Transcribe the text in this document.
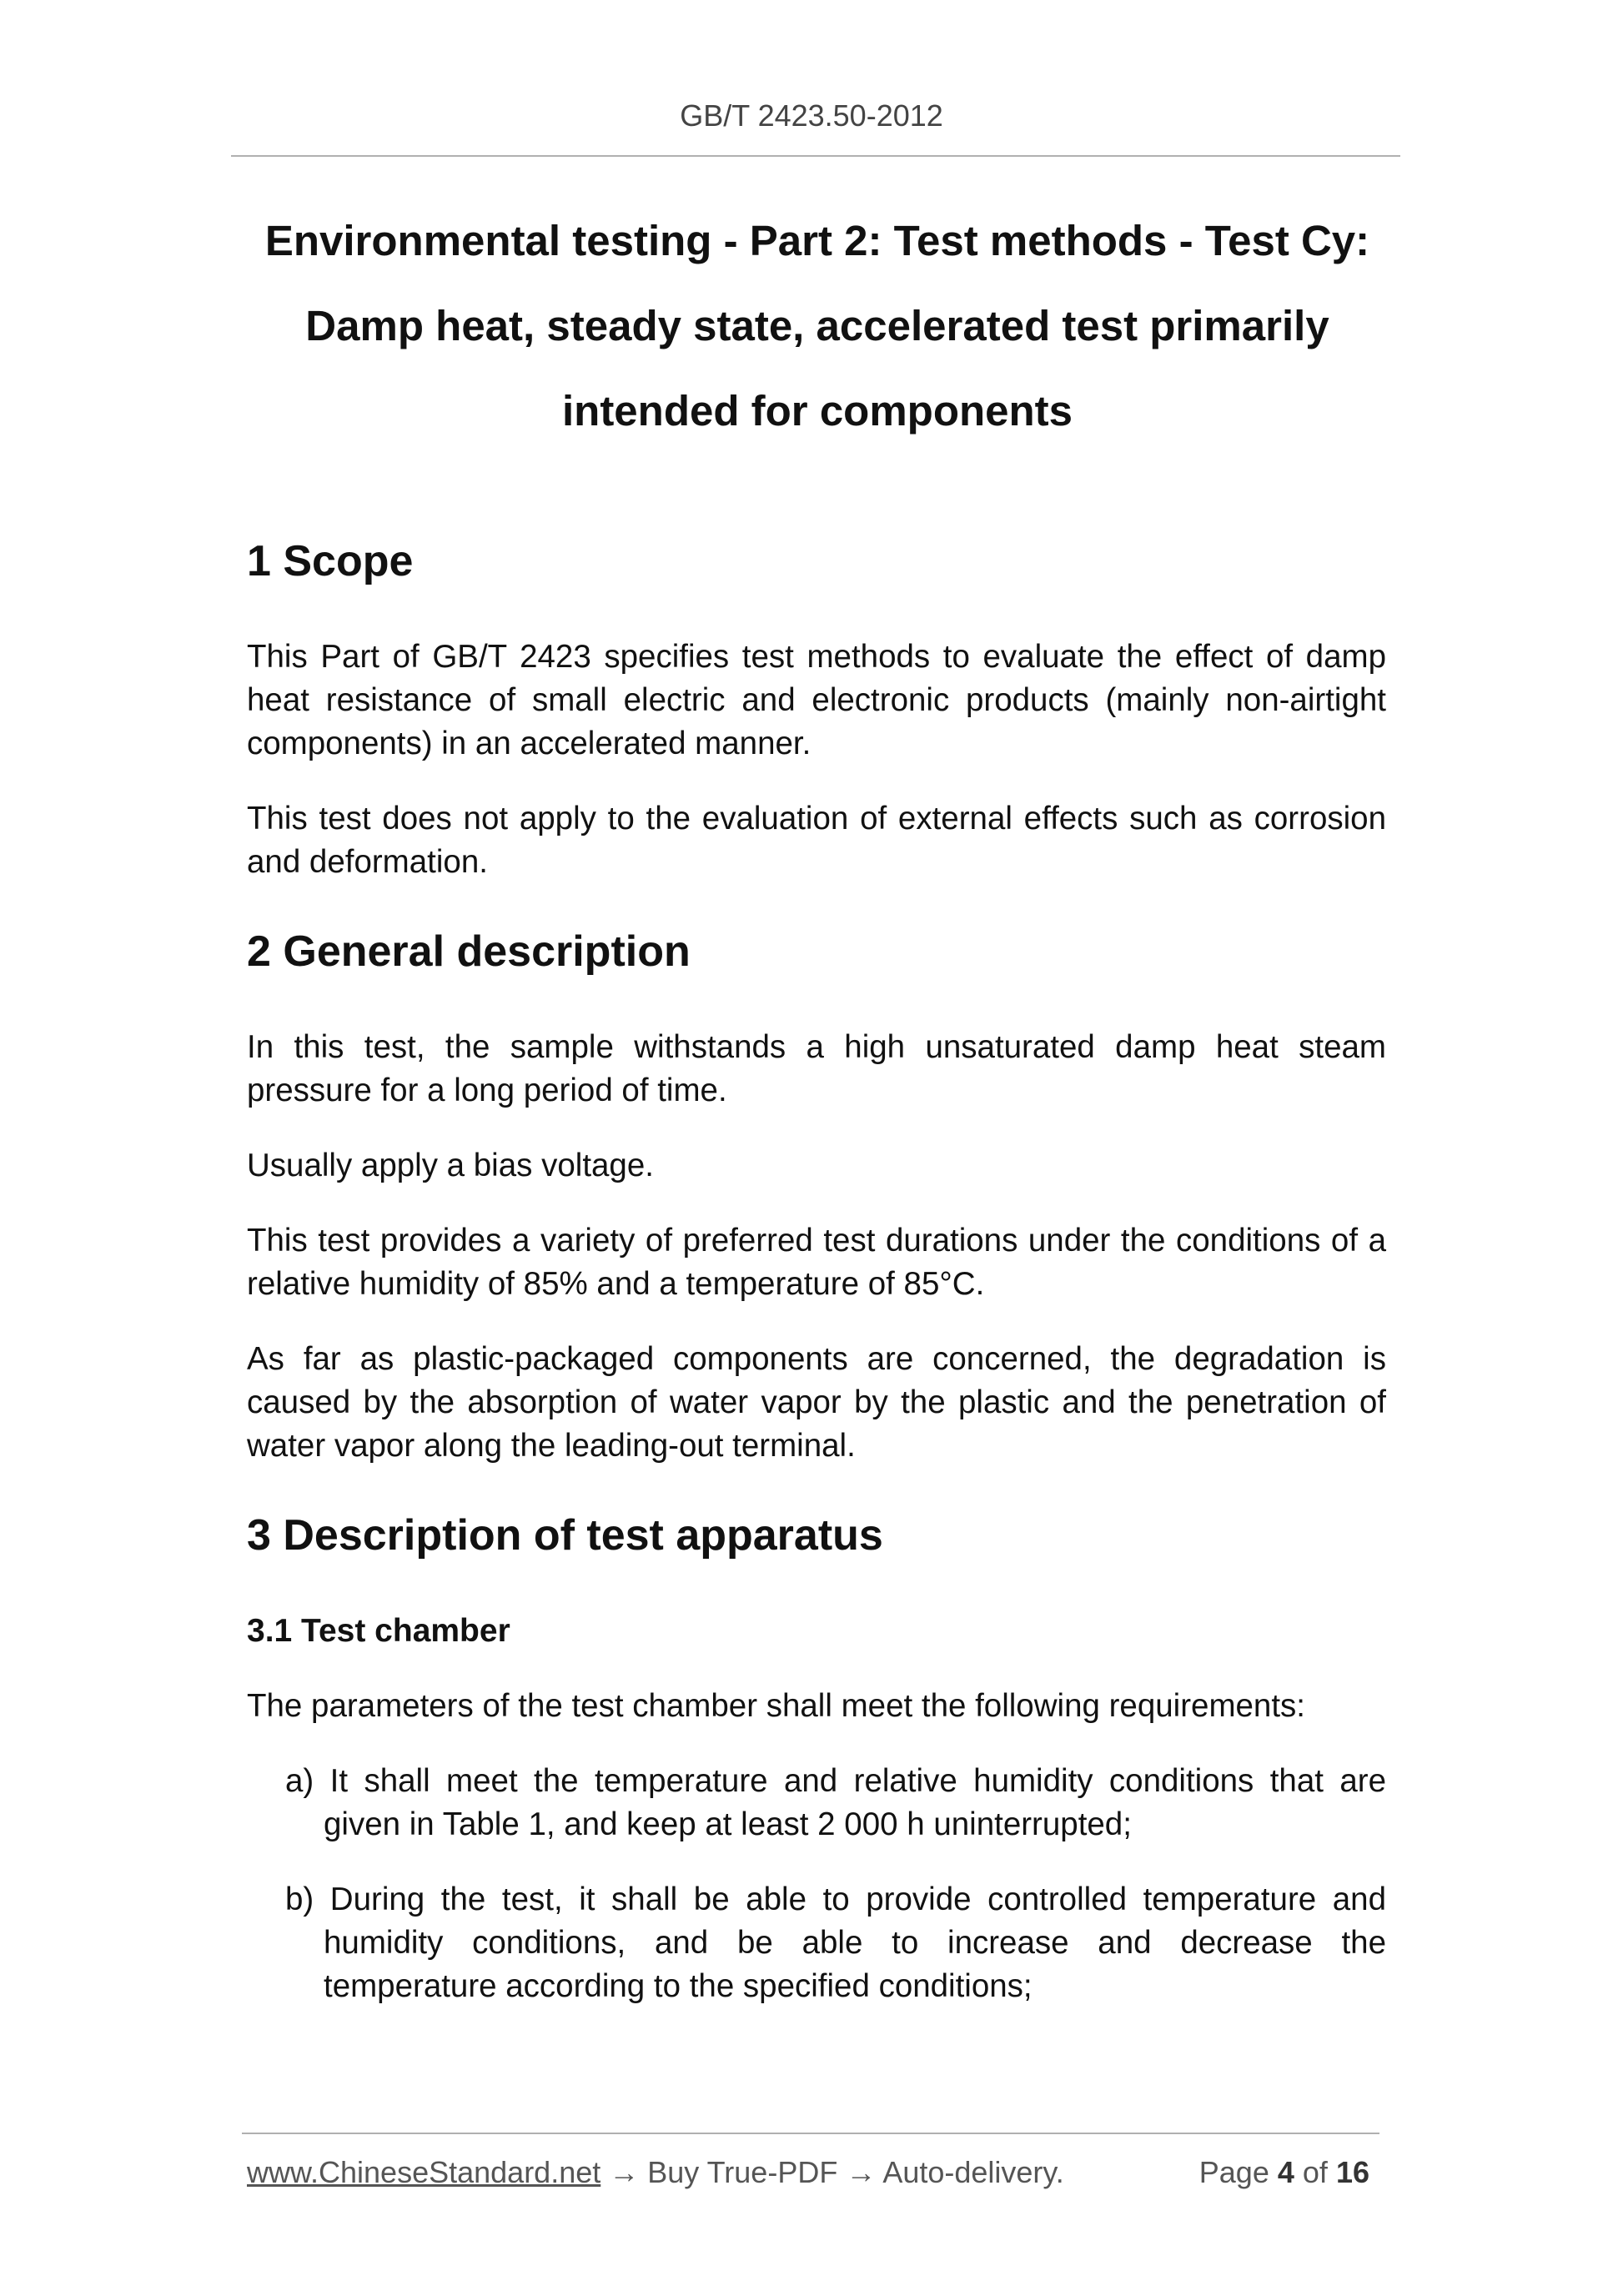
GB/T 2423.50-2012
Environmental testing - Part 2: Test methods - Test Cy:
Damp heat, steady state, accelerated test primarily
intended for components
1 Scope

This Part of GB/T 2423 specifies test methods to evaluate the effect of damp heat resistance of small electric and electronic products (mainly non-airtight components) in an accelerated manner.

This test does not apply to the evaluation of external effects such as corrosion and deformation.

2 General description

In this test, the sample withstands a high unsaturated damp heat steam pressure for a long period of time.

Usually apply a bias voltage.

This test provides a variety of preferred test durations under the conditions of a relative humidity of 85% and a temperature of 85°C.

As far as plastic-packaged components are concerned, the degradation is caused by the absorption of water vapor by the plastic and the penetration of water vapor along the leading-out terminal.

3 Description of test apparatus
3.1 Test chamber

The parameters of the test chamber shall meet the following requirements:

a) It shall meet the temperature and relative humidity conditions that are given in Table 1, and keep at least 2 000 h uninterrupted;
b) During the test, it shall be able to provide controlled temperature and humidity conditions, and be able to increase and decrease the temperature according to the specified conditions;
www.ChineseStandard.net → Buy True-PDF → Auto-delivery.	Page 4 of 16
